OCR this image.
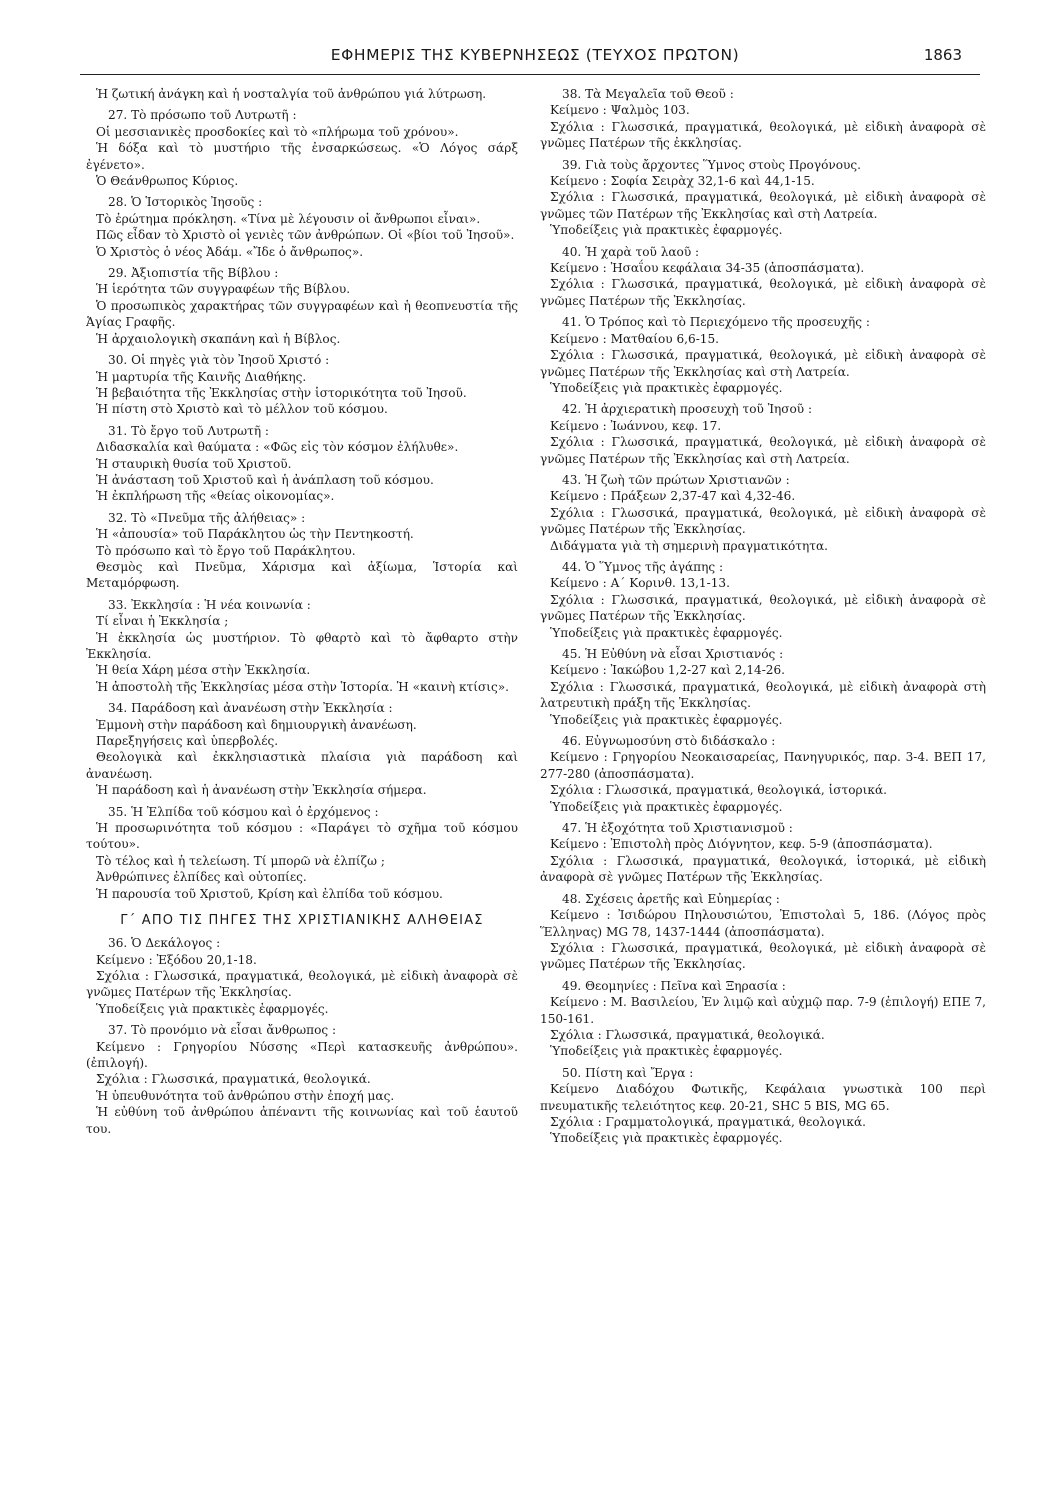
ΕΦΗΜΕΡΙΣ ΤΗΣ ΚΥΒΕΡΝΗΣΕΩΣ (ΤΕΥΧΟΣ ΠΡΩΤΟΝ)	1863

Ἡ ζωτική ἀνάγκη καὶ ἡ νοσταλγία τοῦ ἀνθρώπου γιά λύτρωση.

27. Τὸ πρόσωπο τοῦ Λυτρωτῆ :

Οἱ μεσσιανικὲς προσδοκίες καὶ τὸ «πλήρωμα τοῦ χρόνου».

Ἡ δόξα καὶ τὸ μυστήριο τῆς ἐνσαρκώσεως. «Ὁ Λόγος σάρξ ἐγένετο».

Ὁ Θεάνθρωπος Κύριος.

28. Ὁ Ἱστορικὸς Ἰησοῦς :

Τὸ ἐρώτημα πρόκληση. «Τίνα μὲ λέγουσιν οἱ ἄνθρωποι εἶναι».

Πῶς εἶδαν τὸ Χριστὸ οἱ γενιὲς τῶν ἀνθρώπων. Οἱ «βίοι τοῦ Ἰησοῦ».

Ὁ Χριστὸς ὁ νέος Ἀδάμ. «Ἴδε ὁ ἄνθρωπος».

29. Ἀξιοπιστία τῆς Βίβλου :

Ἡ ἱερότητα τῶν συγγραφέων τῆς Βίβλου.

Ὁ προσωπικὸς χαρακτήρας τῶν συγγραφέων καὶ ἡ θεοπνευστία τῆς Ἁγίας Γραφῆς.

Ἡ ἀρχαιολογικὴ σκαπάνη καὶ ἡ Βίβλος.

30. Οἱ πηγὲς γιὰ τὸν Ἰησοῦ Χριστό :

Ἡ μαρτυρία τῆς Καινῆς Διαθήκης.

Ἡ βεβαιότητα τῆς Ἐκκλησίας στὴν ἱστορικότητα τοῦ Ἰησοῦ.

Ἡ πίστη στὸ Χριστὸ καὶ τὸ μέλλον τοῦ κόσμου.

31. Τὸ ἔργο τοῦ Λυτρωτῆ :

Διδασκαλία καὶ θαύματα : «Φῶς εἰς τὸν κόσμον ἐλήλυθε».

Ἡ σταυρικὴ θυσία τοῦ Χριστοῦ.

Ἡ ἀνάσταση τοῦ Χριστοῦ καὶ ἡ ἀνάπλαση τοῦ κόσμου.

Ἡ ἐκπλήρωση τῆς «θείας οἰκονομίας».

32. Τὸ «Πνεῦμα τῆς ἀλήθειας» :

Ἡ «ἀπουσία» τοῦ Παράκλητου ὡς τὴν Πεντηκοστή.

Τὸ πρόσωπο καὶ τὸ ἔργο τοῦ Παράκλητου.

Θεσμὸς καὶ Πνεῦμα, Χάρισμα καὶ ἀξίωμα, Ἱστορία καὶ Μεταμόρφωση.

33. Ἐκκλησία : Ἡ νέα κοινωνία :

Τί εἶναι ἡ Ἐκκλησία ;

Ἡ ἐκκλησία ὡς μυστήριον. Τὸ φθαρτὸ καὶ τὸ ἄφθαρτο στὴν Ἐκκλησία.

Ἡ θεία Χάρη μέσα στὴν Ἐκκλησία.

Ἡ ἀποστολὴ τῆς Ἐκκλησίας μέσα στὴν Ἱστορία. Ἡ «καινὴ κτίσις».

34. Παράδοση καὶ ἀνανέωση στὴν Ἐκκλησία :

Ἐμμονὴ στὴν παράδοση καὶ δημιουργικὴ ἀνανέωση.

Παρεξηγήσεις καὶ ὑπερβολές.

Θεολογικὰ καὶ ἐκκλησιαστικὰ πλαίσια γιὰ παράδοση καὶ ἀνανέωση.

Ἡ παράδοση καὶ ἡ ἀνανέωση στὴν Ἐκκλησία σήμερα.

35. Ἡ Ἐλπίδα τοῦ κόσμου καὶ ὁ ἐρχόμενος :

Ἡ προσωρινότητα τοῦ κόσμου : «Παράγει τὸ σχῆμα τοῦ κόσμου τούτου».

Τὸ τέλος καὶ ἡ τελείωση. Τί μπορῶ νὰ ἐλπίζω ;

Ἀνθρώπινες ἐλπίδες καὶ οὐτοπίες.

Ἡ παρουσία τοῦ Χριστοῦ, Κρίση καὶ ἐλπίδα τοῦ κόσμου.

Γ΄ ΑΠΟ ΤΙΣ ΠΗΓΕΣ ΤΗΣ ΧΡΙΣΤΙΑΝΙΚΗΣ ΑΛΗΘΕΙΑΣ

36. Ὁ Δεκάλογος :

Κείμενο : Ἐξόδου 20,1-18.

Σχόλια : Γλωσσικά, πραγματικά, θεολογικά, μὲ εἰδικὴ ἀναφορὰ σὲ γνῶμες Πατέρων τῆς Ἐκκλησίας.

Ὑποδείξεις γιὰ πρακτικὲς ἐφαρμογές.

37. Τὸ προνόμιο νὰ εἶσαι ἄνθρωπος :

Κείμενο : Γρηγορίου Νύσσης «Περὶ κατασκευῆς ἀνθρώπου». (ἐπιλογή).

Σχόλια : Γλωσσικά, πραγματικά, θεολογικά.

Ἡ ὑπευθυνότητα τοῦ ἀνθρώπου στὴν ἐποχή μας.

Ἡ εὐθύνη τοῦ ἀνθρώπου ἀπέναντι τῆς κοινωνίας καὶ τοῦ ἑαυτοῦ του.

38. Τὰ Μεγαλεῖα τοῦ Θεοῦ :

Κείμενο : Ψαλμὸς 103.

Σχόλια : Γλωσσικά, πραγματικά, θεολογικά, μὲ εἰδικὴ ἀναφορὰ σὲ γνῶμες Πατέρων τῆς ἐκκλησίας.

39. Γιὰ τοὺς ἄρχοντες Ὕμνος στοὺς Προγόνους.

Κείμενο : Σοφία Σειρὰχ 32,1-6 καὶ 44,1-15.

Σχόλια : Γλωσσικά, πραγματικά, θεολογικά, μὲ εἰδικὴ ἀναφορὰ σὲ γνῶμες τῶν Πατέρων τῆς Ἐκκλησίας καὶ στὴ Λατρεία.

Ὑποδείξεις γιὰ πρακτικὲς ἐφαρμογές.

40. Ἡ χαρὰ τοῦ λαοῦ :

Κείμενο : Ἠσαΐου κεφάλαια 34-35 (ἀποσπάσματα).

Σχόλια : Γλωσσικά, πραγματικά, θεολογικά, μὲ εἰδικὴ ἀναφορὰ σὲ γνῶμες Πατέρων τῆς Ἐκκλησίας.

41. Ὁ Τρόπος καὶ τὸ Περιεχόμενο τῆς προσευχῆς :

Κείμενο : Ματθαίου 6,6-15.

Σχόλια : Γλωσσικά, πραγματικά, θεολογικά, μὲ εἰδικὴ ἀναφορὰ σὲ γνῶμες Πατέρων τῆς Ἐκκλησίας καὶ στὴ Λατρεία.

Ὑποδείξεις γιὰ πρακτικὲς ἐφαρμογές.

42. Ἡ ἀρχιερατικὴ προσευχὴ τοῦ Ἰησοῦ :

Κείμενο : Ἰωάννου, κεφ. 17.

Σχόλια : Γλωσσικά, πραγματικά, θεολογικά, μὲ εἰδικὴ ἀναφορὰ σὲ γνῶμες Πατέρων τῆς Ἐκκλησίας καὶ στὴ Λατρεία.

43. Ἡ ζωὴ τῶν πρώτων Χριστιανῶν :

Κείμενο : Πράξεων 2,37-47 καὶ 4,32-46.

Σχόλια : Γλωσσικά, πραγματικά, θεολογικά, μὲ εἰδικὴ ἀναφορὰ σὲ γνῶμες Πατέρων τῆς Ἐκκλησίας.

Διδάγματα γιὰ τὴ σημερινὴ πραγματικότητα.

44. Ὁ Ὕμνος τῆς ἀγάπης :

Κείμενο : Α΄ Κορινθ. 13,1-13.

Σχόλια : Γλωσσικά, πραγματικά, θεολογικά, μὲ εἰδικὴ ἀναφορὰ σὲ γνῶμες Πατέρων τῆς Ἐκκλησίας.

Ὑποδείξεις γιὰ πρακτικὲς ἐφαρμογές.

45. Ἡ Εὐθύνη νὰ εἶσαι Χριστιανός :

Κείμενο : Ἰακώβου 1,2-27 καὶ 2,14-26.

Σχόλια : Γλωσσικά, πραγματικά, θεολογικά, μὲ εἰδικὴ ἀναφορὰ στὴ λατρευτικὴ πράξη τῆς Ἐκκλησίας.

Ὑποδείξεις γιὰ πρακτικὲς ἐφαρμογές.

46. Εὐγνωμοσύνη στὸ διδάσκαλο :

Κείμενο : Γρηγορίου Νεοκαισαρείας, Πανηγυρικός, παρ. 3-4. ΒΕΠ 17, 277-280 (ἀποσπάσματα).

Σχόλια : Γλωσσικά, πραγματικά, θεολογικά, ἱστορικά.

Ὑποδείξεις γιὰ πρακτικὲς ἐφαρμογές.

47. Ἡ ἐξοχότητα τοῦ Χριστιανισμοῦ :

Κείμενο : Ἐπιστολὴ πρὸς Διόγνητον, κεφ. 5-9 (ἀποσπάσματα).

Σχόλια : Γλωσσικά, πραγματικά, θεολογικά, ἱστορικά, μὲ εἰδικὴ ἀναφορὰ σὲ γνῶμες Πατέρων τῆς Ἐκκλησίας.

48. Σχέσεις ἀρετῆς καὶ Εὐημερίας :

Κείμενο : Ἰσιδώρου Πηλουσιώτου, Ἐπιστολαὶ 5, 186. (Λόγος πρὸς Ἕλληνας) MG 78, 1437-1444 (ἀποσπάσματα).

Σχόλια : Γλωσσικά, πραγματικά, θεολογικά, μὲ εἰδικὴ ἀναφορὰ σὲ γνῶμες Πατέρων τῆς Ἐκκλησίας.

49. Θεομηνίες : Πεῖνα καὶ Ξηρασία :

Κείμενο : Μ. Βασιλείου, Ἐν λιμῷ καὶ αὐχμῷ παρ. 7-9 (ἐπιλογή) ΕΠΕ 7, 150-161.

Σχόλια : Γλωσσικά, πραγματικά, θεολογικά.

Ὑποδείξεις γιὰ πρακτικὲς ἐφαρμογές.

50. Πίστη καὶ Ἔργα :

Κείμενο Διαδόχου Φωτικῆς, Κεφάλαια γνωστικὰ 100 περὶ πνευματικῆς τελειότητος κεφ. 20-21, SHC 5 BIS, MG 65.

Σχόλια : Γραμματολογικά, πραγματικά, θεολογικά.

Ὑποδείξεις γιὰ πρακτικὲς ἐφαρμογές.
